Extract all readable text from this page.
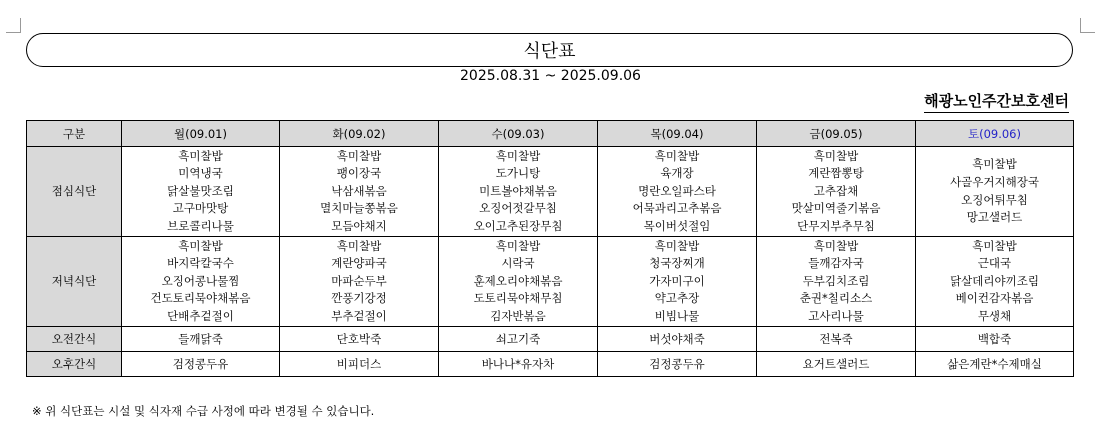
식단표
2025.08.31 ~ 2025.09.06
해광노인주간보호센터
구분	월(09.01)	화(09.02)	수(09.03)	목(09.04)	금(09.05)	토(09.06)
점심식단	흑미찰밥
미역냉국
닭살불맛조림
고구마맛탕
브로콜리나물	흑미찰밥
팽이장국
낙삼새볶음
멸치마늘쫑볶음
모듬야채지	흑미찰밥
도가니탕
미트볼야채볶음
오징어젓갈무침
오이고추된장무침	흑미찰밥
육개장
명란오일파스타
어묵과리고추볶음
목이버섯절임	흑미찰밥
계란짬뽕탕
고추잡채
맛살미역줄기볶음
단무지부추무침	흑미찰밥
사골우거지해장국
오징어튀무침
망고샐러드

저녁식단	흑미찰밥
바지락칼국수
오징어콩나물찜
건도토리묵야채볶음
단배추겉절이	흑미찰밥
계란양파국
마파순두부
깐풍기강정
부추겉절이	흑미찰밥
시락국
훈제오리야채볶음
도토리묵야채무침
김자반볶음	흑미찰밥
청국장찌개
가자미구이
약고추장
비빔나물	흑미찰밥
들깨감자국
두부김치조림
춘권*칠리소스
고사리나물	흑미찰밥
근대국
닭살데리야끼조림
베이컨감자볶음
무생채

오전간식	들깨닭죽	단호박죽	쇠고기죽	버섯야채죽	전복죽	백합죽

오후간식	검정콩두유	비피더스	바나나*유자차	검정콩두유	요거트샐러드	삶은계란*수제매실
※ 위 식단표는 시설 및 식자재 수급 사정에 따라 변경될 수 있습니다.
